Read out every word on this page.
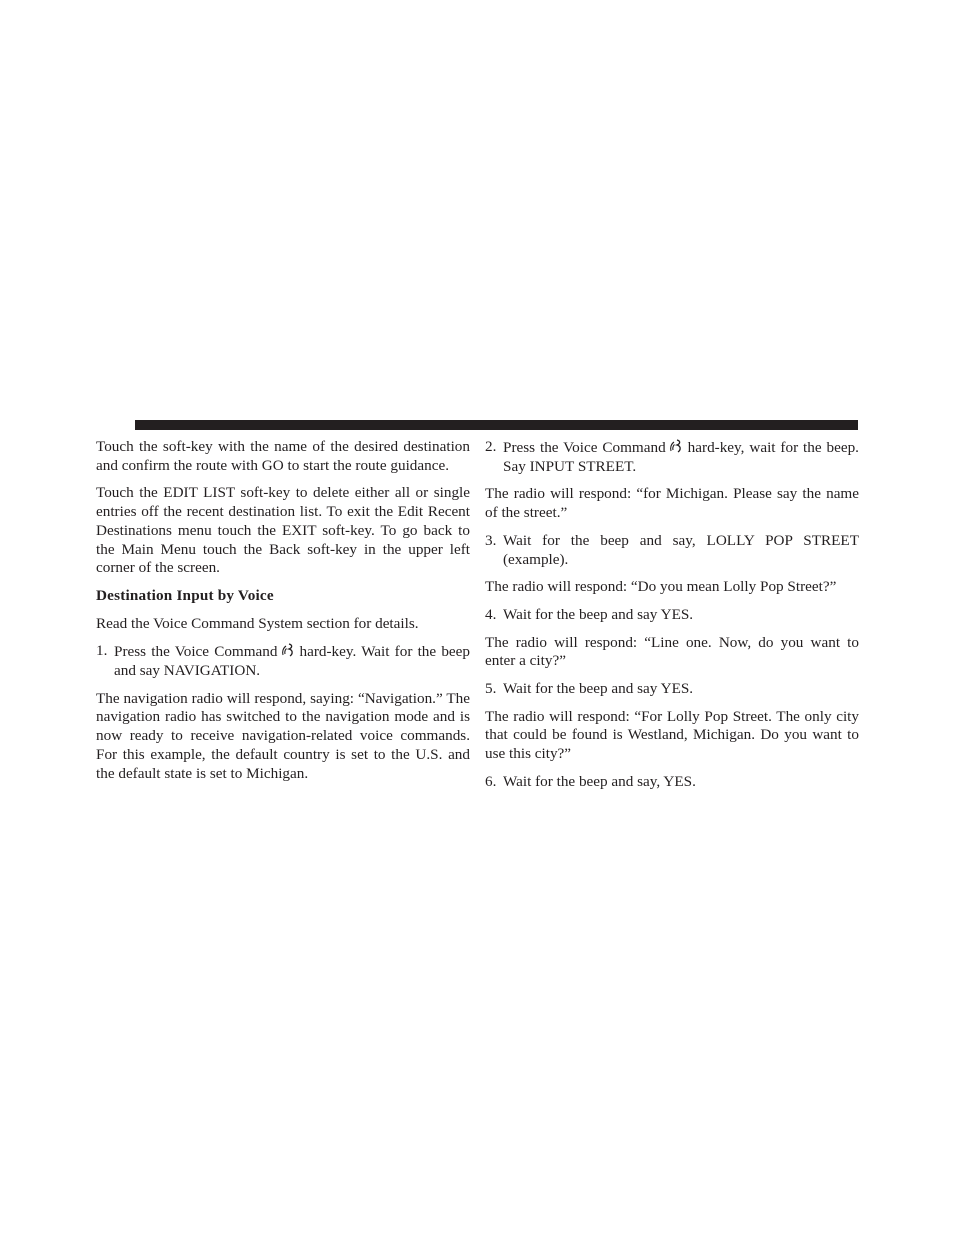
Touch the soft-key with the name of the desired destination and confirm the route with GO to start the route guidance.

Touch the EDIT LIST soft-key to delete either all or single entries off the recent destination list. To exit the Edit Recent Destinations menu touch the EXIT soft-key. To go back to the Main Menu touch the Back soft-key in the upper left corner of the screen.

Destination Input by Voice

Read the Voice Command System section for details.

1. Press the Voice Command hard-key. Wait for the beep and say NAVIGATION.

The navigation radio will respond, saying: “Navigation.” The navigation radio has switched to the navigation mode and is now ready to receive navigation-related voice commands. For this example, the default country is set to the U.S. and the default state is set to Michigan.

2. Press the Voice Command hard-key, wait for the beep. Say INPUT STREET.

The radio will respond: “for Michigan. Please say the name of the street.”

3. Wait for the beep and say, LOLLY POP STREET (example).

The radio will respond: “Do you mean Lolly Pop Street?”

4. Wait for the beep and say YES.

The radio will respond: “Line one. Now, do you want to enter a city?”

5. Wait for the beep and say YES.

The radio will respond: “For Lolly Pop Street. The only city that could be found is Westland, Michigan. Do you want to use this city?”

6. Wait for the beep and say, YES.
